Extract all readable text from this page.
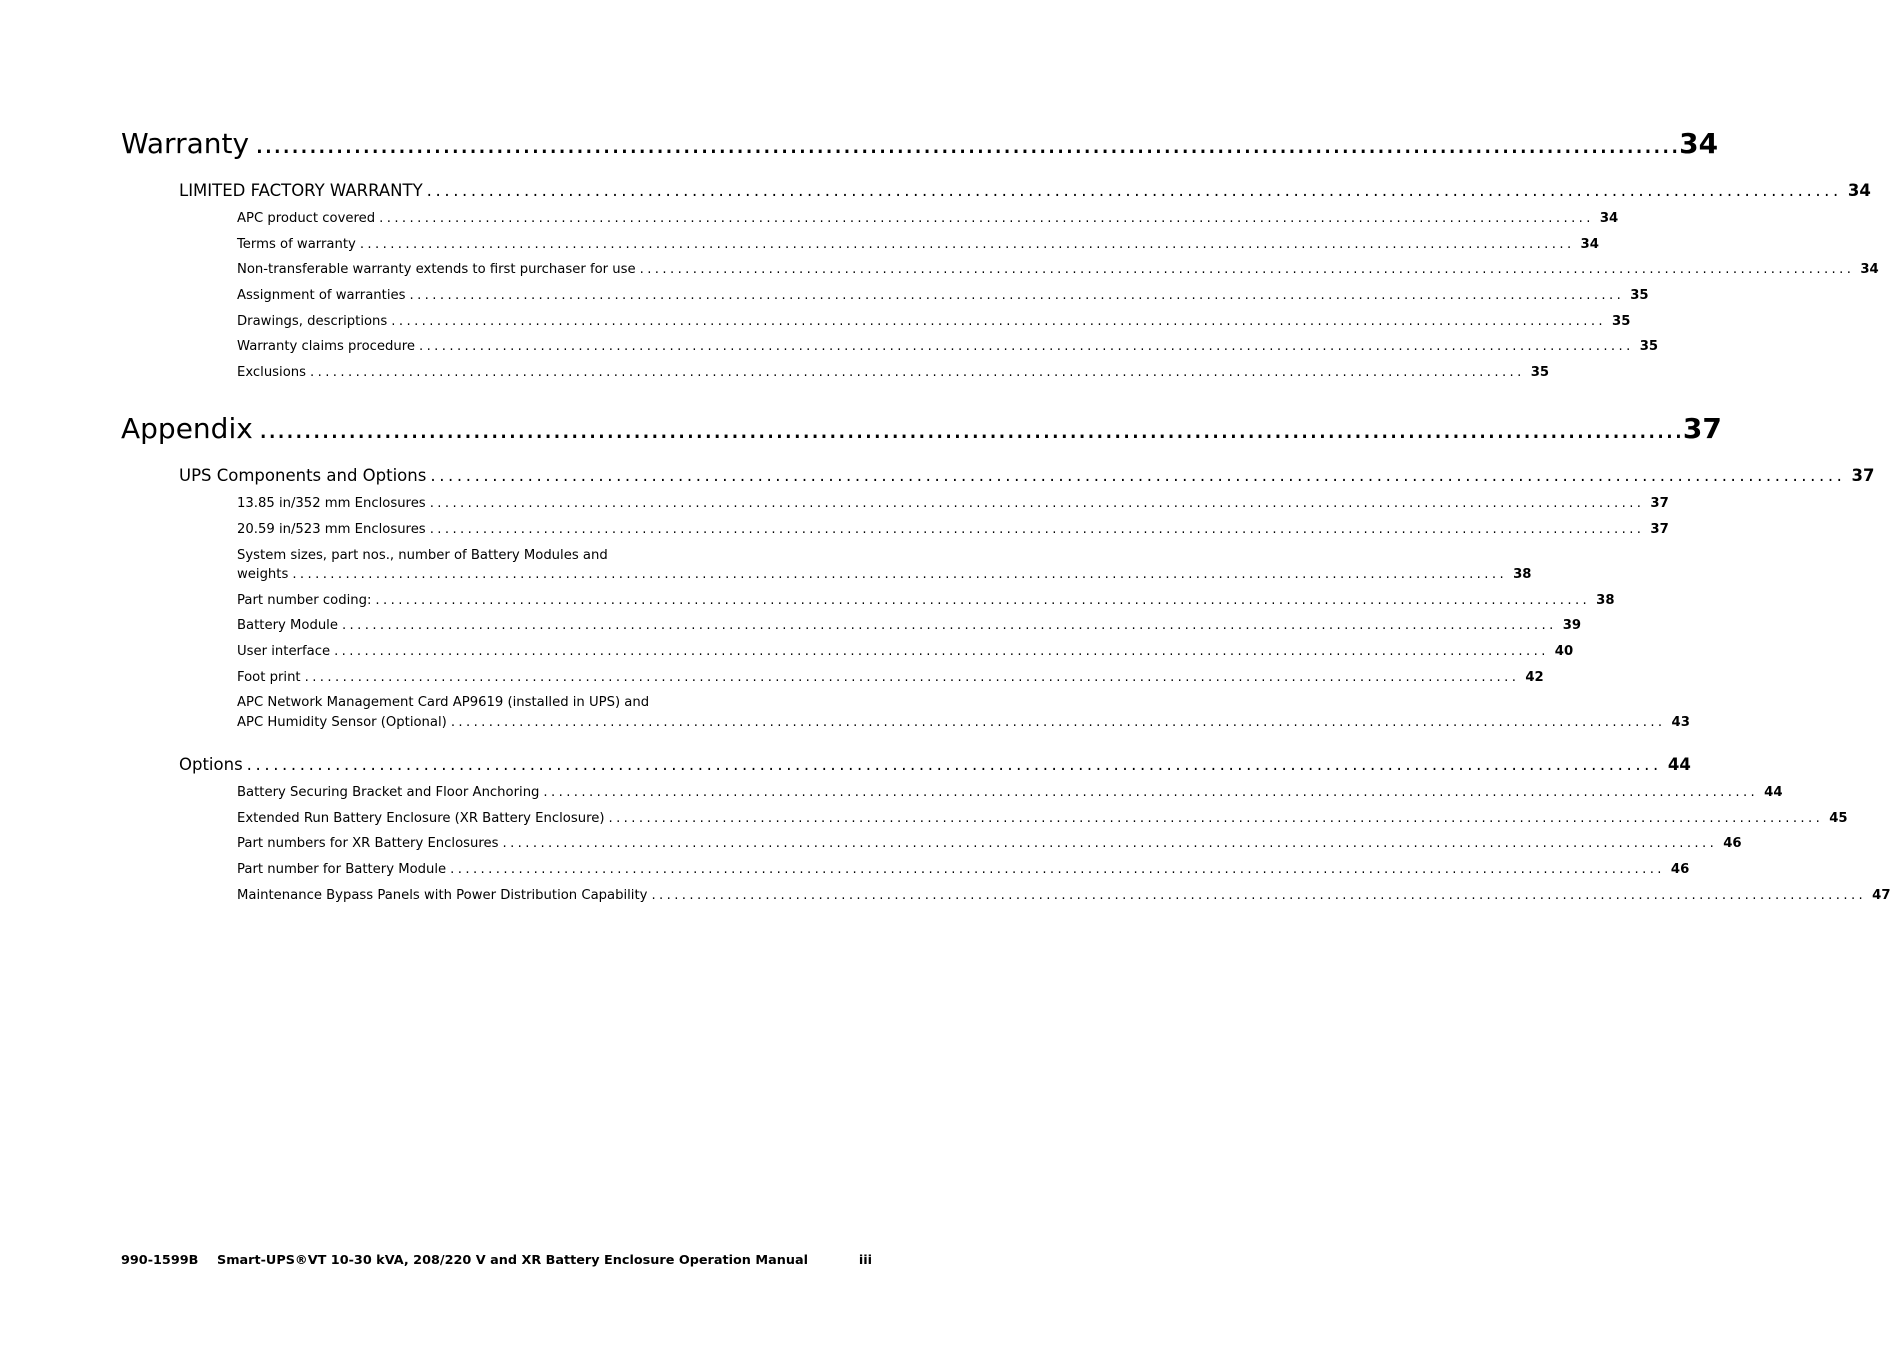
Warranty ................................................................................................................................................................ 34
LIMITED FACTORY WARRANTY ................................................................................................................................................................ 34
APC product covered ................................................................................................................................................................ 34
Terms of warranty ................................................................................................................................................................ 34
Non-transferable warranty extends to first purchaser for use ................................................................................................................................................................ 34
Assignment of warranties ................................................................................................................................................................ 35
Drawings, descriptions ................................................................................................................................................................ 35
Warranty claims procedure ................................................................................................................................................................ 35
Exclusions ................................................................................................................................................................ 35
Appendix ................................................................................................................................................................ 37
UPS Components and Options ................................................................................................................................................................ 37
13.85 in/352 mm Enclosures ................................................................................................................................................................ 37
20.59 in/523 mm Enclosures ................................................................................................................................................................ 37
System sizes, part nos., number of Battery Modules and
weights ................................................................................................................................................................ 38
Part number coding: ................................................................................................................................................................ 38
Battery Module ................................................................................................................................................................ 39
User interface ................................................................................................................................................................ 40
Foot print ................................................................................................................................................................ 42
APC Network Management Card AP9619 (installed in UPS) and
APC Humidity Sensor (Optional) ................................................................................................................................................................ 43
Options ................................................................................................................................................................ 44
Battery Securing Bracket and Floor Anchoring ................................................................................................................................................................ 44
Extended Run Battery Enclosure (XR Battery Enclosure) ................................................................................................................................................................ 45
Part numbers for XR Battery Enclosures ................................................................................................................................................................ 46
Part number for Battery Module ................................................................................................................................................................ 46
Maintenance Bypass Panels with Power Distribution Capability ................................................................................................................................................................ 47
990-1599B Smart-UPS®VT 10-30 kVA, 208/220 V and XR Battery Enclosure Operation Manual	iii
